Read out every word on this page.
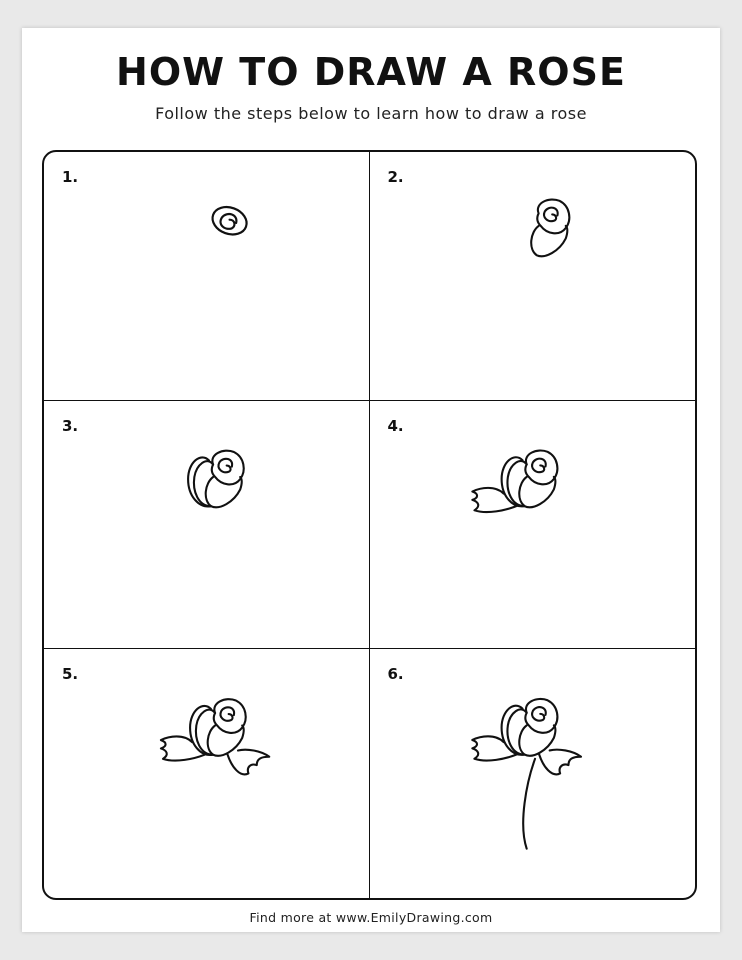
HOW TO DRAW A ROSE
Follow the steps below to learn how to draw a rose
1.	2.
3.	4.
5.	6.
Find more at www.EmilyDrawing.com
